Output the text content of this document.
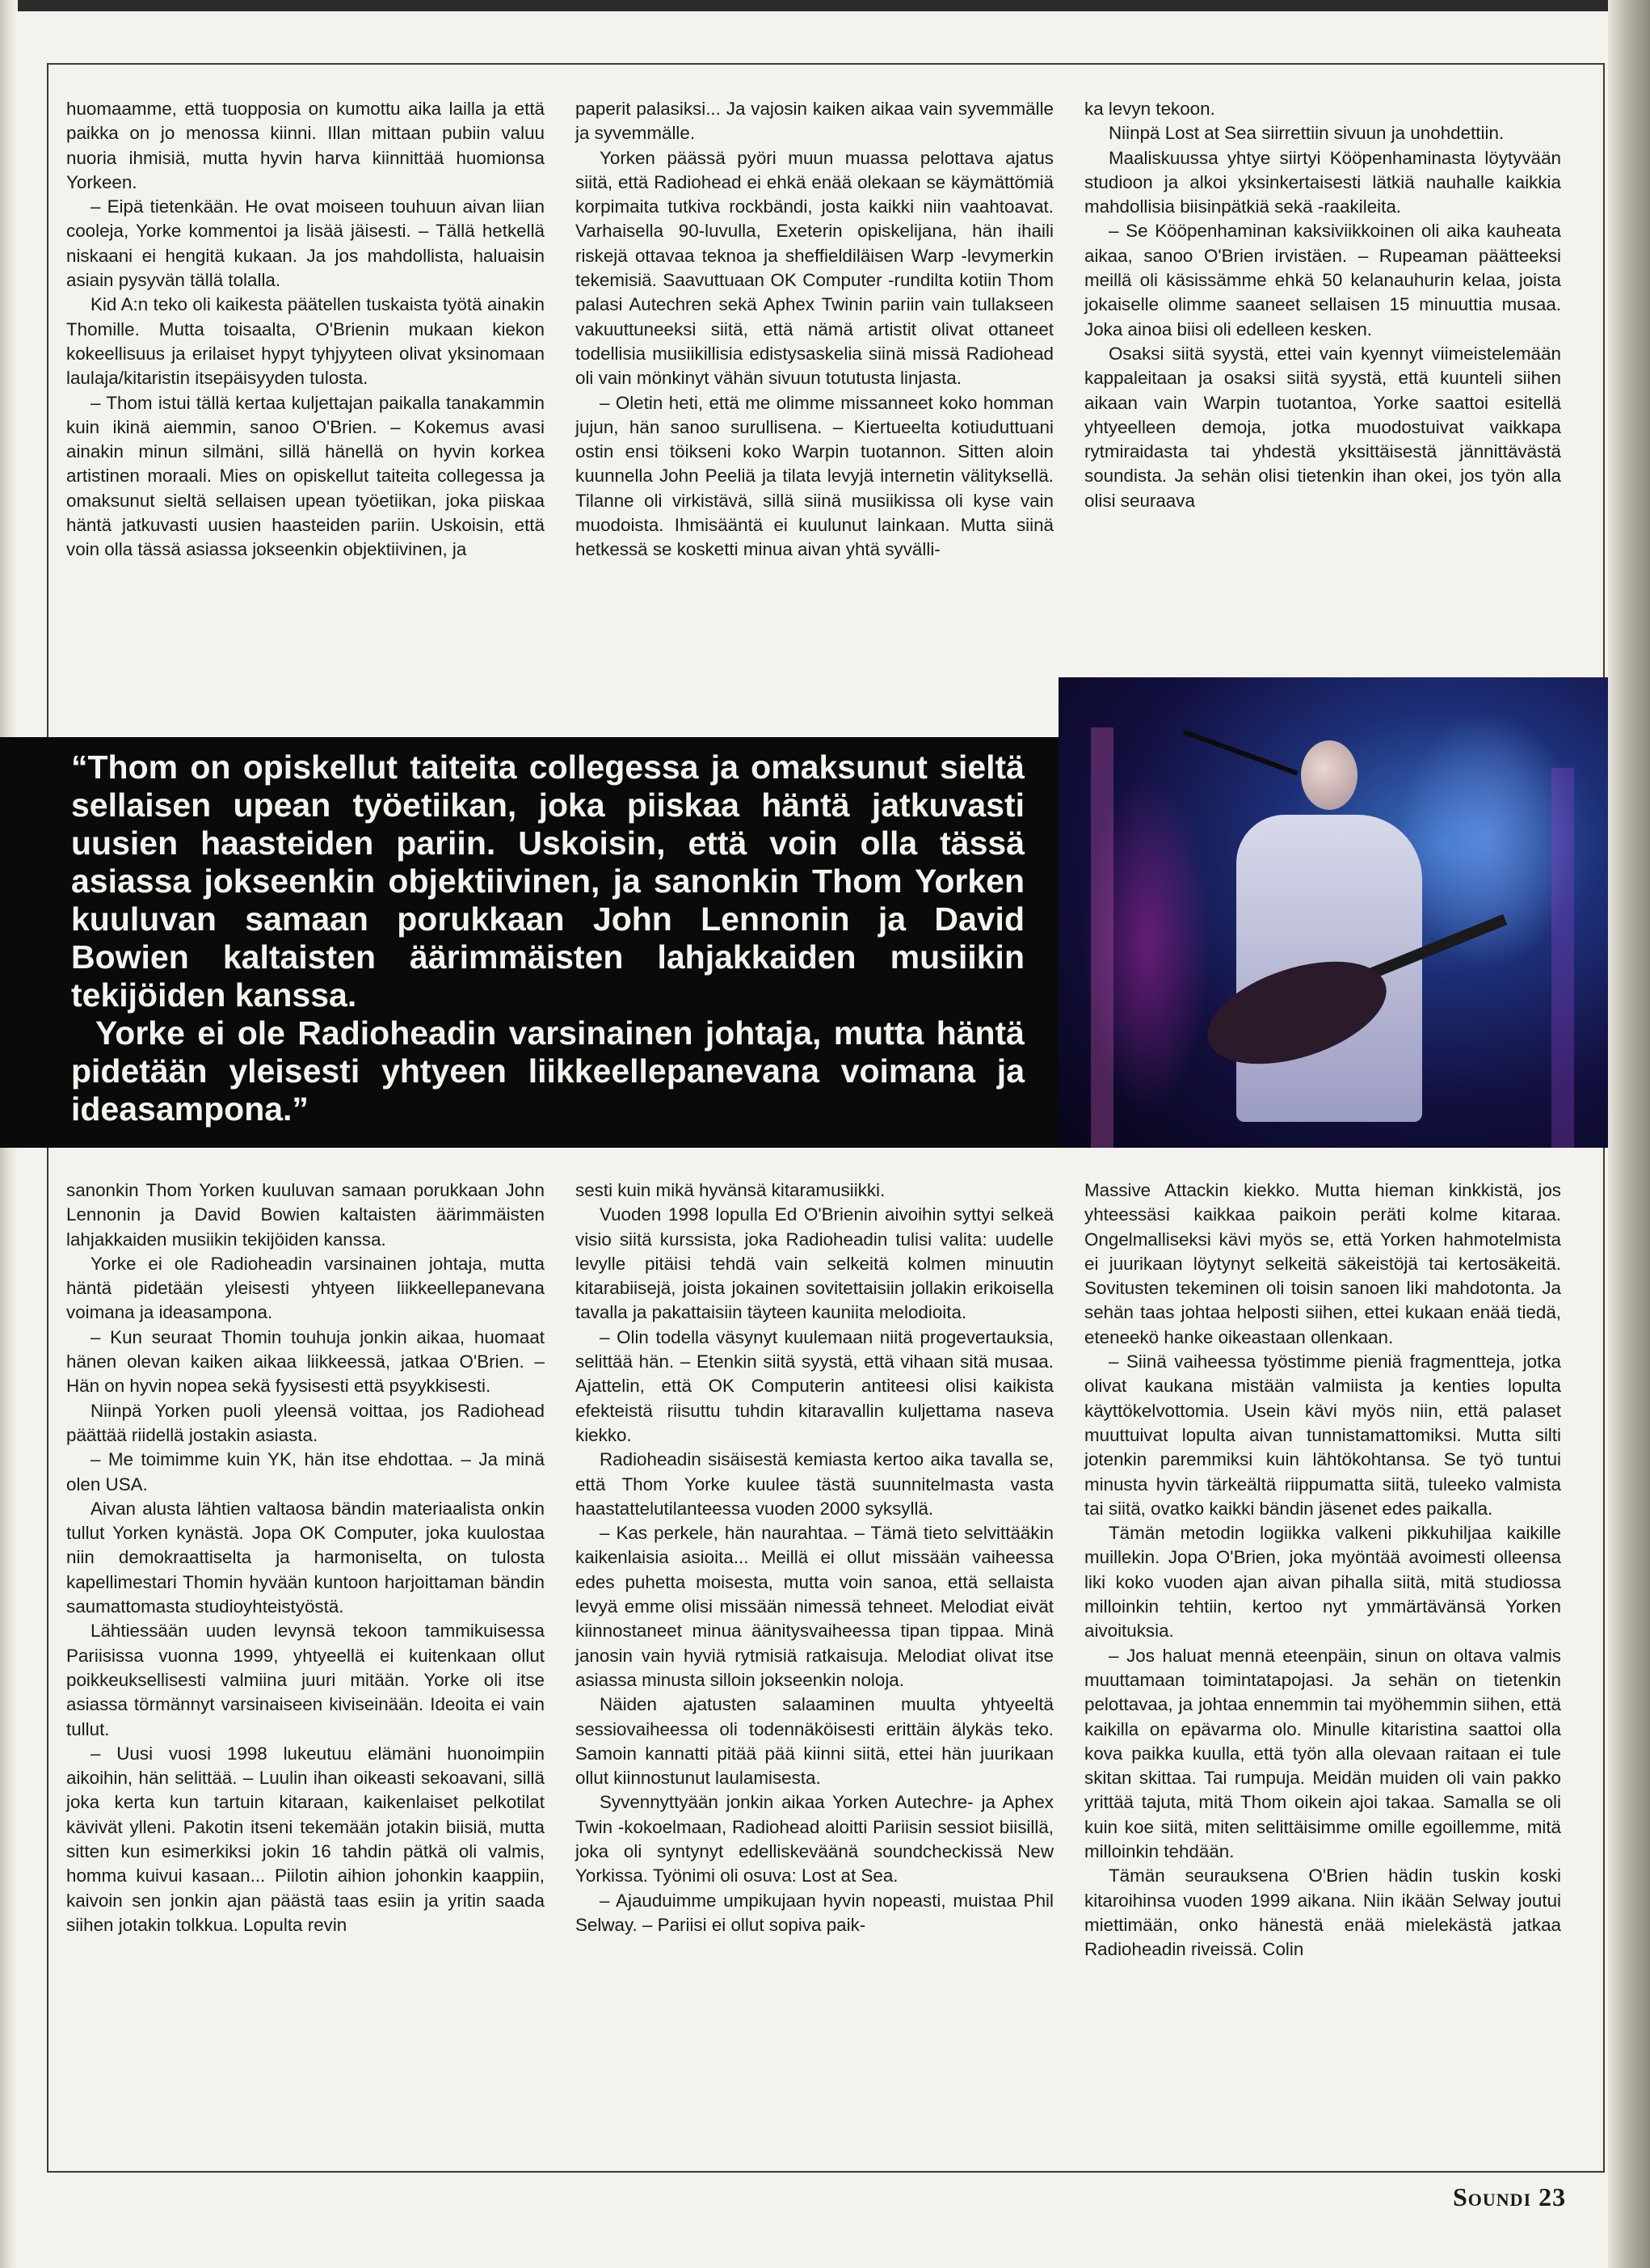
huomaamme, että tuopposia on kumottu aika lailla ja että paikka on jo menossa kiinni. Illan mittaan pubiin valuu nuoria ihmisiä, mutta hyvin harva kiinnittää huomionsa Yorkeen.

– Eipä tietenkään. He ovat moiseen touhuun aivan liian cooleja, Yorke kommentoi ja lisää jäisesti. – Tällä hetkellä niskaani ei hengitä kukaan. Ja jos mahdollista, haluaisin asiain pysyvän tällä tolalla.

Kid A:n teko oli kaikesta päätellen tuskaista työtä ainakin Thomille. Mutta toisaalta, O'Brienin mukaan kiekon kokeellisuus ja erilaiset hypyt tyhjyyteen olivat yksinomaan laulaja/kitaristin itsepäisyyden tulosta.

– Thom istui tällä kertaa kuljettajan paikalla tanakammin kuin ikinä aiemmin, sanoo O'Brien. – Kokemus avasi ainakin minun silmäni, sillä hänellä on hyvin korkea artistinen moraali. Mies on opiskellut taiteita collegessa ja omaksunut sieltä sellaisen upean työetiikan, joka piiskaa häntä jatkuvasti uusien haasteiden pariin. Uskoisin, että voin olla tässä asiassa jokseenkin objektiivinen, ja

paperit palasiksi... Ja vajosin kaiken aikaa vain syvemmälle ja syvemmälle.

Yorken päässä pyöri muun muassa pelottava ajatus siitä, että Radiohead ei ehkä enää olekaan se käymättömiä korpimaita tutkiva rockbändi, josta kaikki niin vaahtoavat. Varhaisella 90-luvulla, Exeterin opiskelijana, hän ihaili riskejä ottavaa teknoa ja sheffieldiläisen Warp -levymerkin tekemisiä. Saavuttuaan OK Computer -rundilta kotiin Thom palasi Autechren sekä Aphex Twinin pariin vain tullakseen vakuuttuneeksi siitä, että nämä artistit olivat ottaneet todellisia musiikillisia edistysaskelia siinä missä Radiohead oli vain mönkinyt vähän sivuun totutusta linjasta.

– Oletin heti, että me olimme missanneet koko homman jujun, hän sanoo surullisena. – Kiertueelta kotiuduttuani ostin ensi töikseni koko Warpin tuotannon. Sitten aloin kuunnella John Peeliä ja tilata levyjä internetin välityksellä. Tilanne oli virkistävä, sillä siinä musiikissa oli kyse vain muodoista. Ihmisääntä ei kuulunut lainkaan. Mutta siinä hetkessä se kosketti minua aivan yhtä syvälli-

ka levyn tekoon.

Niinpä Lost at Sea siirrettiin sivuun ja unohdettiin.

Maaliskuussa yhtye siirtyi Kööpenhaminasta löytyvään studioon ja alkoi yksinkertaisesti lätkiä nauhalle kaikkia mahdollisia biisinpätkiä sekä -raakileita.

– Se Kööpenhaminan kaksiviikkoinen oli aika kauheata aikaa, sanoo O'Brien irvistäen. – Rupeaman päätteeksi meillä oli käsissämme ehkä 50 kelanauhurin kelaa, joista jokaiselle olimme saaneet sellaisen 15 minuuttia musaa. Joka ainoa biisi oli edelleen kesken.

Osaksi siitä syystä, ettei vain kyennyt viimeistelemään kappaleitaan ja osaksi siitä syystä, että kuunteli siihen aikaan vain Warpin tuotantoa, Yorke saattoi esitellä yhtyeelleen demoja, jotka muodostuivat vaikkapa rytmiraidasta tai yhdestä yksittäisestä jännittävästä soundista. Ja sehän olisi tietenkin ihan okei, jos työn alla olisi seuraava

“Thom on opiskellut taiteita collegessa ja omaksunut sieltä sellaisen upean työetiikan, joka piiskaa häntä jatkuvasti uusien haasteiden pariin. Uskoisin, että voin olla tässä asiassa jokseenkin objektiivinen, ja sanonkin Thom Yorken kuuluvan samaan porukkaan John Lennonin ja David Bowien kaltaisten äärimmäisten lahjakkaiden musiikin tekijöiden kanssa.

Yorke ei ole Radioheadin varsinainen johtaja, mutta häntä pidetään yleisesti yhtyeen liikkeellepanevana voimana ja ideasampona.”

sanonkin Thom Yorken kuuluvan samaan porukkaan John Lennonin ja David Bowien kaltaisten äärimmäisten lahjakkaiden musiikin tekijöiden kanssa.

Yorke ei ole Radioheadin varsinainen johtaja, mutta häntä pidetään yleisesti yhtyeen liikkeellepanevana voimana ja ideasampona.

– Kun seuraat Thomin touhuja jonkin aikaa, huomaat hänen olevan kaiken aikaa liikkeessä, jatkaa O'Brien. – Hän on hyvin nopea sekä fyysisesti että psyykkisesti.

Niinpä Yorken puoli yleensä voittaa, jos Radiohead päättää riidellä jostakin asiasta.

– Me toimimme kuin YK, hän itse ehdottaa. – Ja minä olen USA.

Aivan alusta lähtien valtaosa bändin materiaalista onkin tullut Yorken kynästä. Jopa OK Computer, joka kuulostaa niin demokraattiselta ja harmoniselta, on tulosta kapellimestari Thomin hyvään kuntoon harjoittaman bändin saumattomasta studioyhteistyöstä.

Lähtiessään uuden levynsä tekoon tammikuisessa Pariisissa vuonna 1999, yhtyeellä ei kuitenkaan ollut poikkeuksellisesti valmiina juuri mitään. Yorke oli itse asiassa törmännyt varsinaiseen kiviseinään. Ideoita ei vain tullut.

– Uusi vuosi 1998 lukeutuu elämäni huonoimpiin aikoihin, hän selittää. – Luulin ihan oikeasti sekoavani, sillä joka kerta kun tartuin kitaraan, kaikenlaiset pelkotilat kävivät ylleni. Pakotin itseni tekemään jotakin biisiä, mutta sitten kun esimerkiksi jokin 16 tahdin pätkä oli valmis, homma kuivui kasaan... Piilotin aihion johonkin kaappiin, kaivoin sen jonkin ajan päästä taas esiin ja yritin saada siihen jotakin tolkkua. Lopulta revin

sesti kuin mikä hyvänsä kitaramusiikki.

Vuoden 1998 lopulla Ed O'Brienin aivoihin syttyi selkeä visio siitä kurssista, joka Radioheadin tulisi valita: uudelle levylle pitäisi tehdä vain selkeitä kolmen minuutin kitarabiisejä, joista jokainen sovitettaisiin jollakin erikoisella tavalla ja pakattaisiin täyteen kauniita melodioita.

– Olin todella väsynyt kuulemaan niitä progevertauksia, selittää hän. – Etenkin siitä syystä, että vihaan sitä musaa. Ajattelin, että OK Computerin antiteesi olisi kaikista efekteistä riisuttu tuhdin kitaravallin kuljettama naseva kiekko.

Radioheadin sisäisestä kemiasta kertoo aika tavalla se, että Thom Yorke kuulee tästä suunnitelmasta vasta haastattelutilanteessa vuoden 2000 syksyllä.

– Kas perkele, hän naurahtaa. – Tämä tieto selvittääkin kaikenlaisia asioita... Meillä ei ollut missään vaiheessa edes puhetta moisesta, mutta voin sanoa, että sellaista levyä emme olisi missään nimessä tehneet. Melodiat eivät kiinnostaneet minua äänitysvaiheessa tipan tippaa. Minä janosin vain hyviä rytmisiä ratkaisuja. Melodiat olivat itse asiassa minusta silloin jokseenkin noloja.

Näiden ajatusten salaaminen muulta yhtyeeltä sessiovaiheessa oli todennäköisesti erittäin älykäs teko. Samoin kannatti pitää pää kiinni siitä, ettei hän juurikaan ollut kiinnostunut laulamisesta.

Syvennyttyään jonkin aikaa Yorken Autechre- ja Aphex Twin -kokoelmaan, Radiohead aloitti Pariisin sessiot biisillä, joka oli syntynyt edelliskeväänä soundcheckissä New Yorkissa. Työnimi oli osuva: Lost at Sea.

– Ajauduimme umpikujaan hyvin nopeasti, muistaa Phil Selway. – Pariisi ei ollut sopiva paik-

Massive Attackin kiekko. Mutta hieman kinkkistä, jos yhteessäsi kaikkaa paikoin peräti kolme kitaraa. Ongelmalliseksi kävi myös se, että Yorken hahmotelmista ei juurikaan löytynyt selkeitä säkeistöjä tai kertosäkeitä. Sovitusten tekeminen oli toisin sanoen liki mahdotonta. Ja sehän taas johtaa helposti siihen, ettei kukaan enää tiedä, eteneekö hanke oikeastaan ollenkaan.

– Siinä vaiheessa työstimme pieniä fragmentteja, jotka olivat kaukana mistään valmiista ja kenties lopulta käyttökelvottomia. Usein kävi myös niin, että palaset muuttuivat lopulta aivan tunnistamattomiksi. Mutta silti jotenkin paremmiksi kuin lähtökohtansa. Se työ tuntui minusta hyvin tärkeältä riippumatta siitä, tuleeko valmista tai siitä, ovatko kaikki bändin jäsenet edes paikalla.

Tämän metodin logiikka valkeni pikkuhiljaa kaikille muillekin. Jopa O'Brien, joka myöntää avoimesti olleensa liki koko vuoden ajan aivan pihalla siitä, mitä studiossa milloinkin tehtiin, kertoo nyt ymmärtävänsä Yorken aivoituksia.

– Jos haluat mennä eteenpäin, sinun on oltava valmis muuttamaan toimintatapojasi. Ja sehän on tietenkin pelottavaa, ja johtaa ennemmin tai myöhemmin siihen, että kaikilla on epävarma olo. Minulle kitaristina saattoi olla kova paikka kuulla, että työn alla olevaan raitaan ei tule skitan skittaa. Tai rumpuja. Meidän muiden oli vain pakko yrittää tajuta, mitä Thom oikein ajoi takaa. Samalla se oli kuin koe siitä, miten selittäisimme omille egoillemme, mitä milloinkin tehdään.

Tämän seurauksena O'Brien hädin tuskin koski kitaroihinsa vuoden 1999 aikana. Niin ikään Selway joutui miettimään, onko hänestä enää mielekästä jatkaa Radioheadin riveissä. Colin

Soundi 23
